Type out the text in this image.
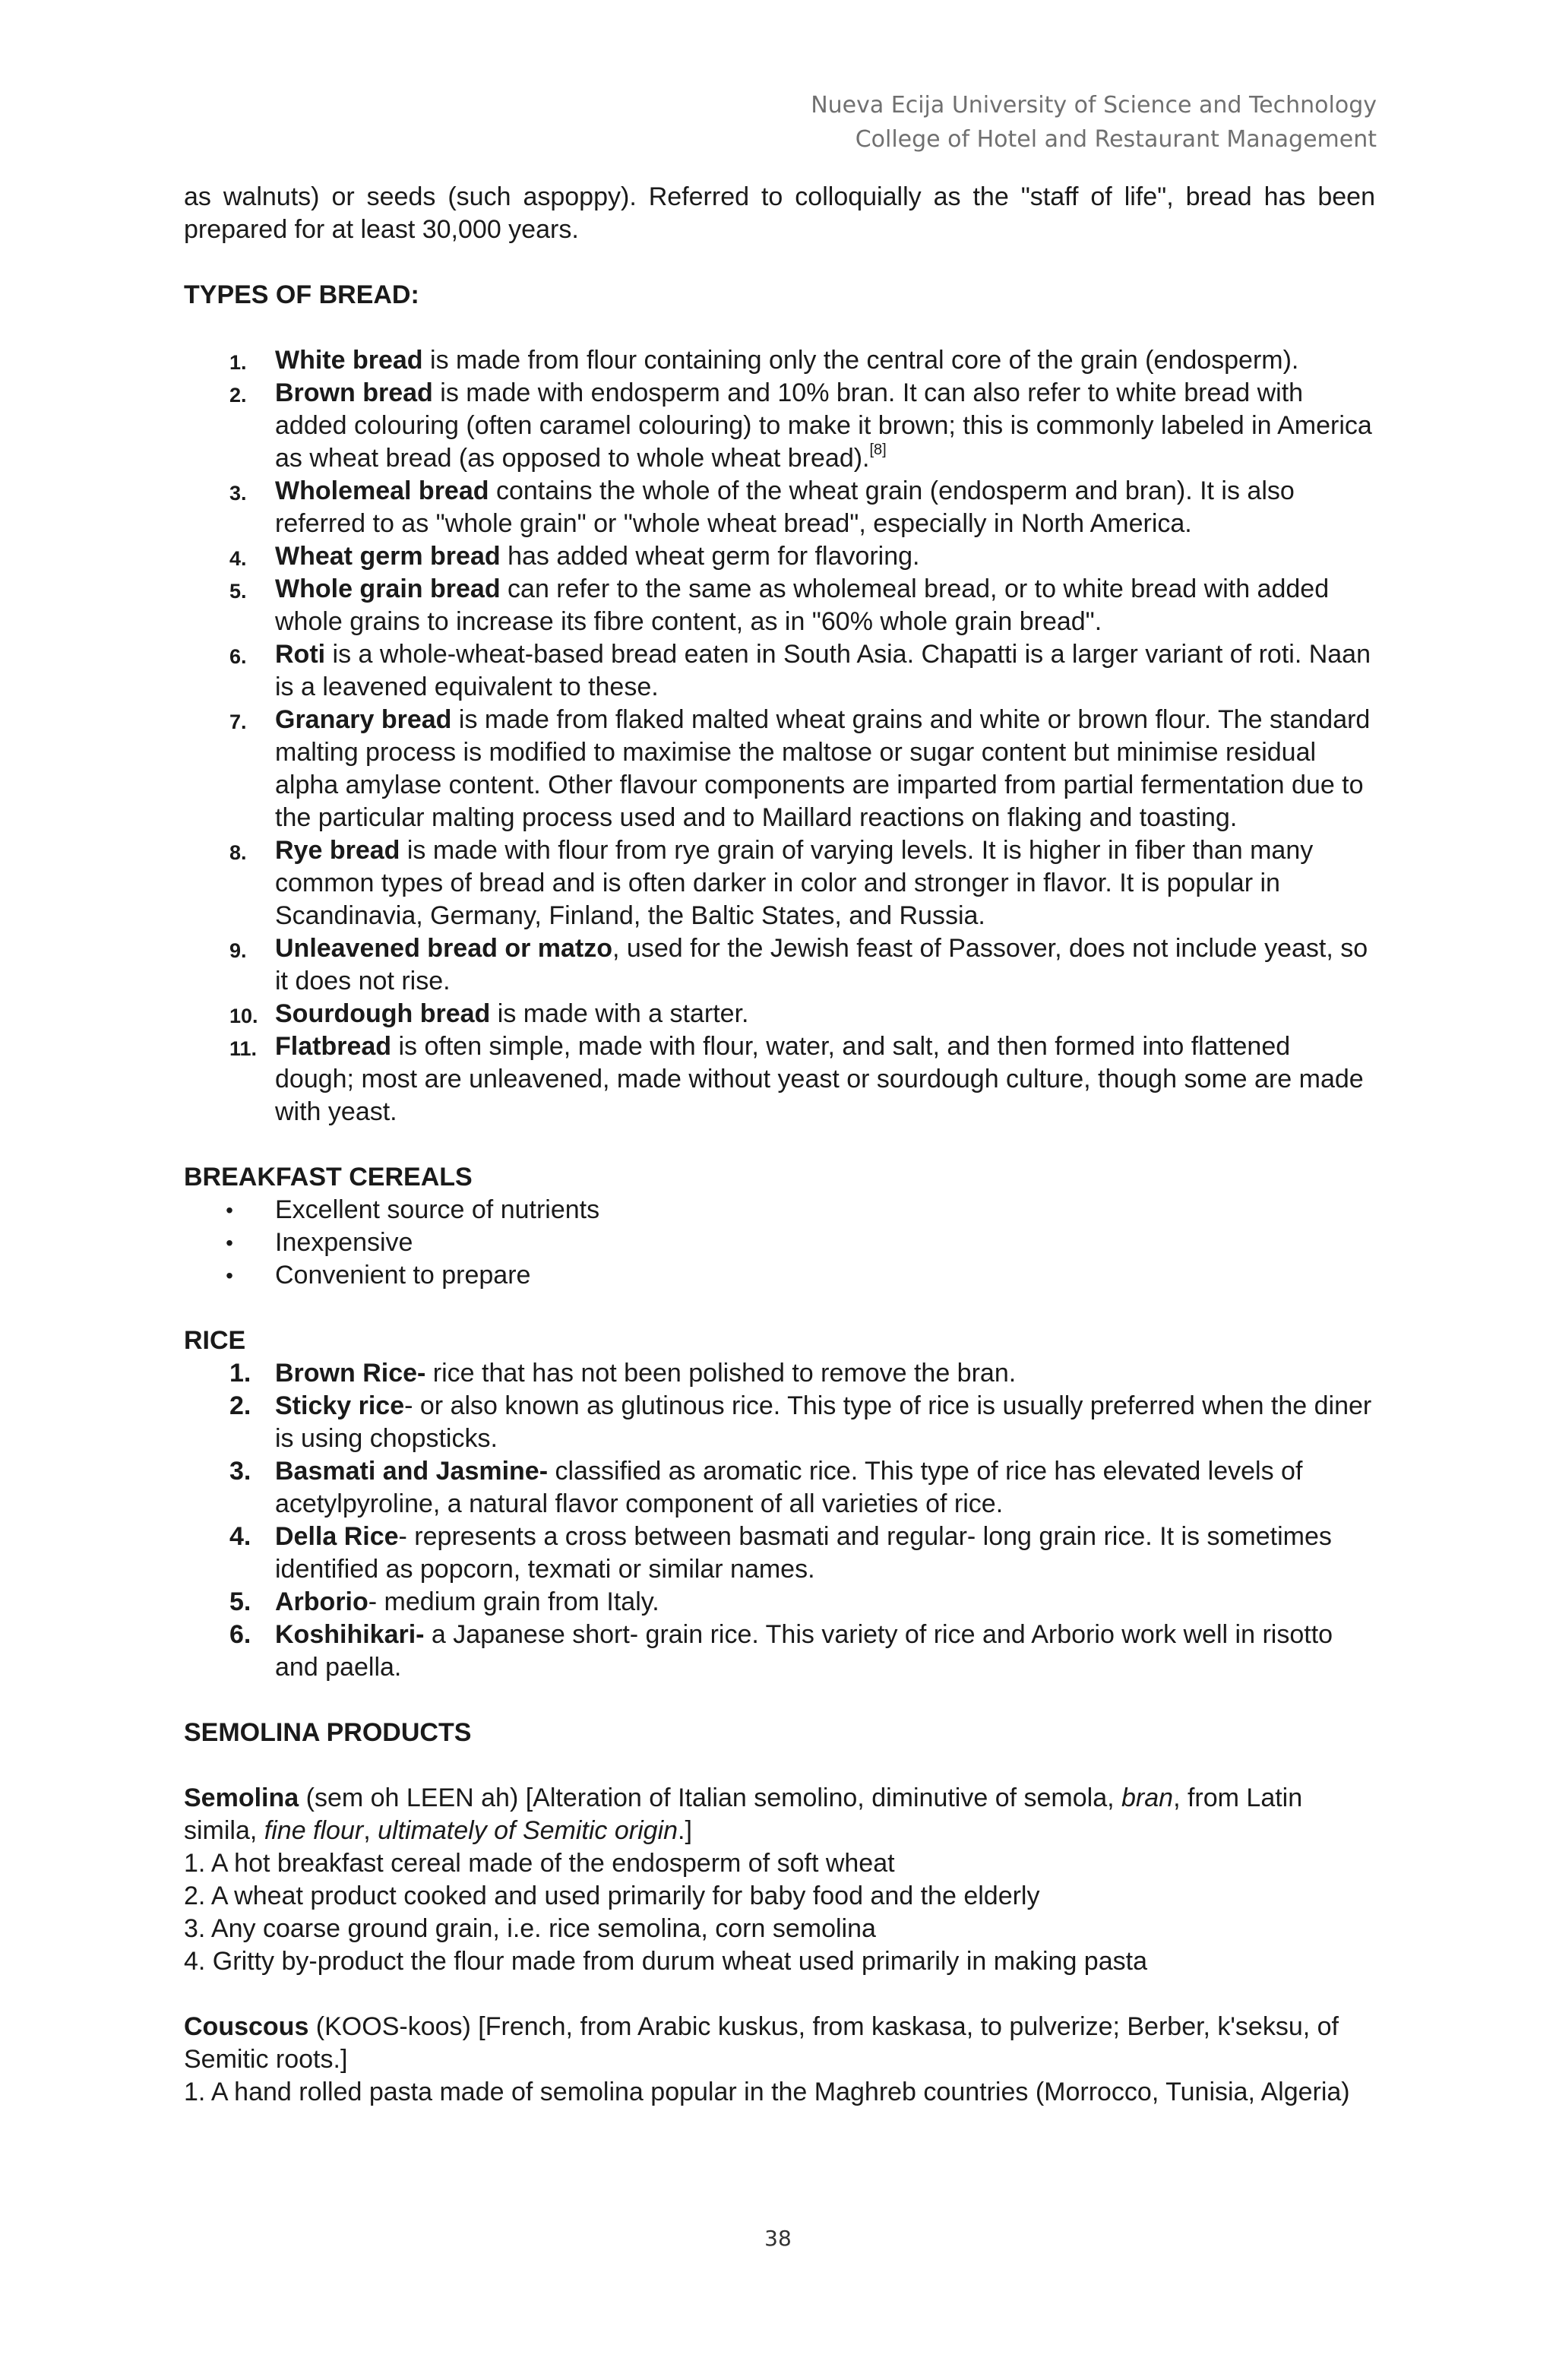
Nueva Ecija University of Science and Technology
College of Hotel and Restaurant Management

as walnuts) or seeds (such aspoppy). Referred to colloquially as the "staff of life", bread has been prepared for at least 30,000 years.

TYPES OF BREAD:
1. White bread is made from flour containing only the central core of the grain (endosperm).
2. Brown bread is made with endosperm and 10% bran. It can also refer to white bread with added colouring (often caramel colouring) to make it brown; this is commonly labeled in America as wheat bread (as opposed to whole wheat bread).[8]
3. Wholemeal bread contains the whole of the wheat grain (endosperm and bran). It is also referred to as "whole grain" or "whole wheat bread", especially in North America.
4. Wheat germ bread has added wheat germ for flavoring.
5. Whole grain bread can refer to the same as wholemeal bread, or to white bread with added whole grains to increase its fibre content, as in "60% whole grain bread".
6. Roti is a whole-wheat-based bread eaten in South Asia. Chapatti is a larger variant of roti. Naan is a leavened equivalent to these.
7. Granary bread is made from flaked malted wheat grains and white or brown flour. The standard malting process is modified to maximise the maltose or sugar content but minimise residual alpha amylase content. Other flavour components are imparted from partial fermentation due to the particular malting process used and to Maillard reactions on flaking and toasting.
8. Rye bread is made with flour from rye grain of varying levels. It is higher in fiber than many common types of bread and is often darker in color and stronger in flavor. It is popular in Scandinavia, Germany, Finland, the Baltic States, and Russia.
9. Unleavened bread or matzo, used for the Jewish feast of Passover, does not include yeast, so it does not rise.
10. Sourdough bread is made with a starter.
11. Flatbread is often simple, made with flour, water, and salt, and then formed into flattened dough; most are unleavened, made without yeast or sourdough culture, though some are made with yeast.
BREAKFAST CEREALS
•	Excellent source of nutrients
•	Inexpensive
•	Convenient to prepare
RICE
1. Brown Rice- rice that has not been polished to remove the bran.
2. Sticky rice- or also known as glutinous rice. This type of rice is usually preferred when the diner is using chopsticks.
3. Basmati and Jasmine- classified as aromatic rice. This type of rice has elevated levels of acetylpyroline, a natural flavor component of all varieties of rice.
4. Della Rice- represents a cross between basmati and regular- long grain rice. It is sometimes identified as popcorn, texmati or similar names.
5. Arborio- medium grain from Italy.
6. Koshihikari- a Japanese short- grain rice. This variety of rice and Arborio work well in risotto and paella.
SEMOLINA PRODUCTS

Semolina (sem oh LEEN ah) [Alteration of Italian semolino, diminutive of semola, bran, from Latin simila, fine flour, ultimately of Semitic origin.]

1. A hot breakfast cereal made of the endosperm of soft wheat

2. A wheat product cooked and used primarily for baby food and the elderly

3. Any coarse ground grain, i.e. rice semolina, corn semolina

4. Gritty by-product the flour made from durum wheat used primarily in making pasta

Couscous (KOOS-koos) [French, from Arabic kuskus, from kaskasa, to pulverize; Berber, k'seksu, of Semitic roots.]

1. A hand rolled pasta made of semolina popular in the Maghreb countries (Morrocco, Tunisia, Algeria)

38
